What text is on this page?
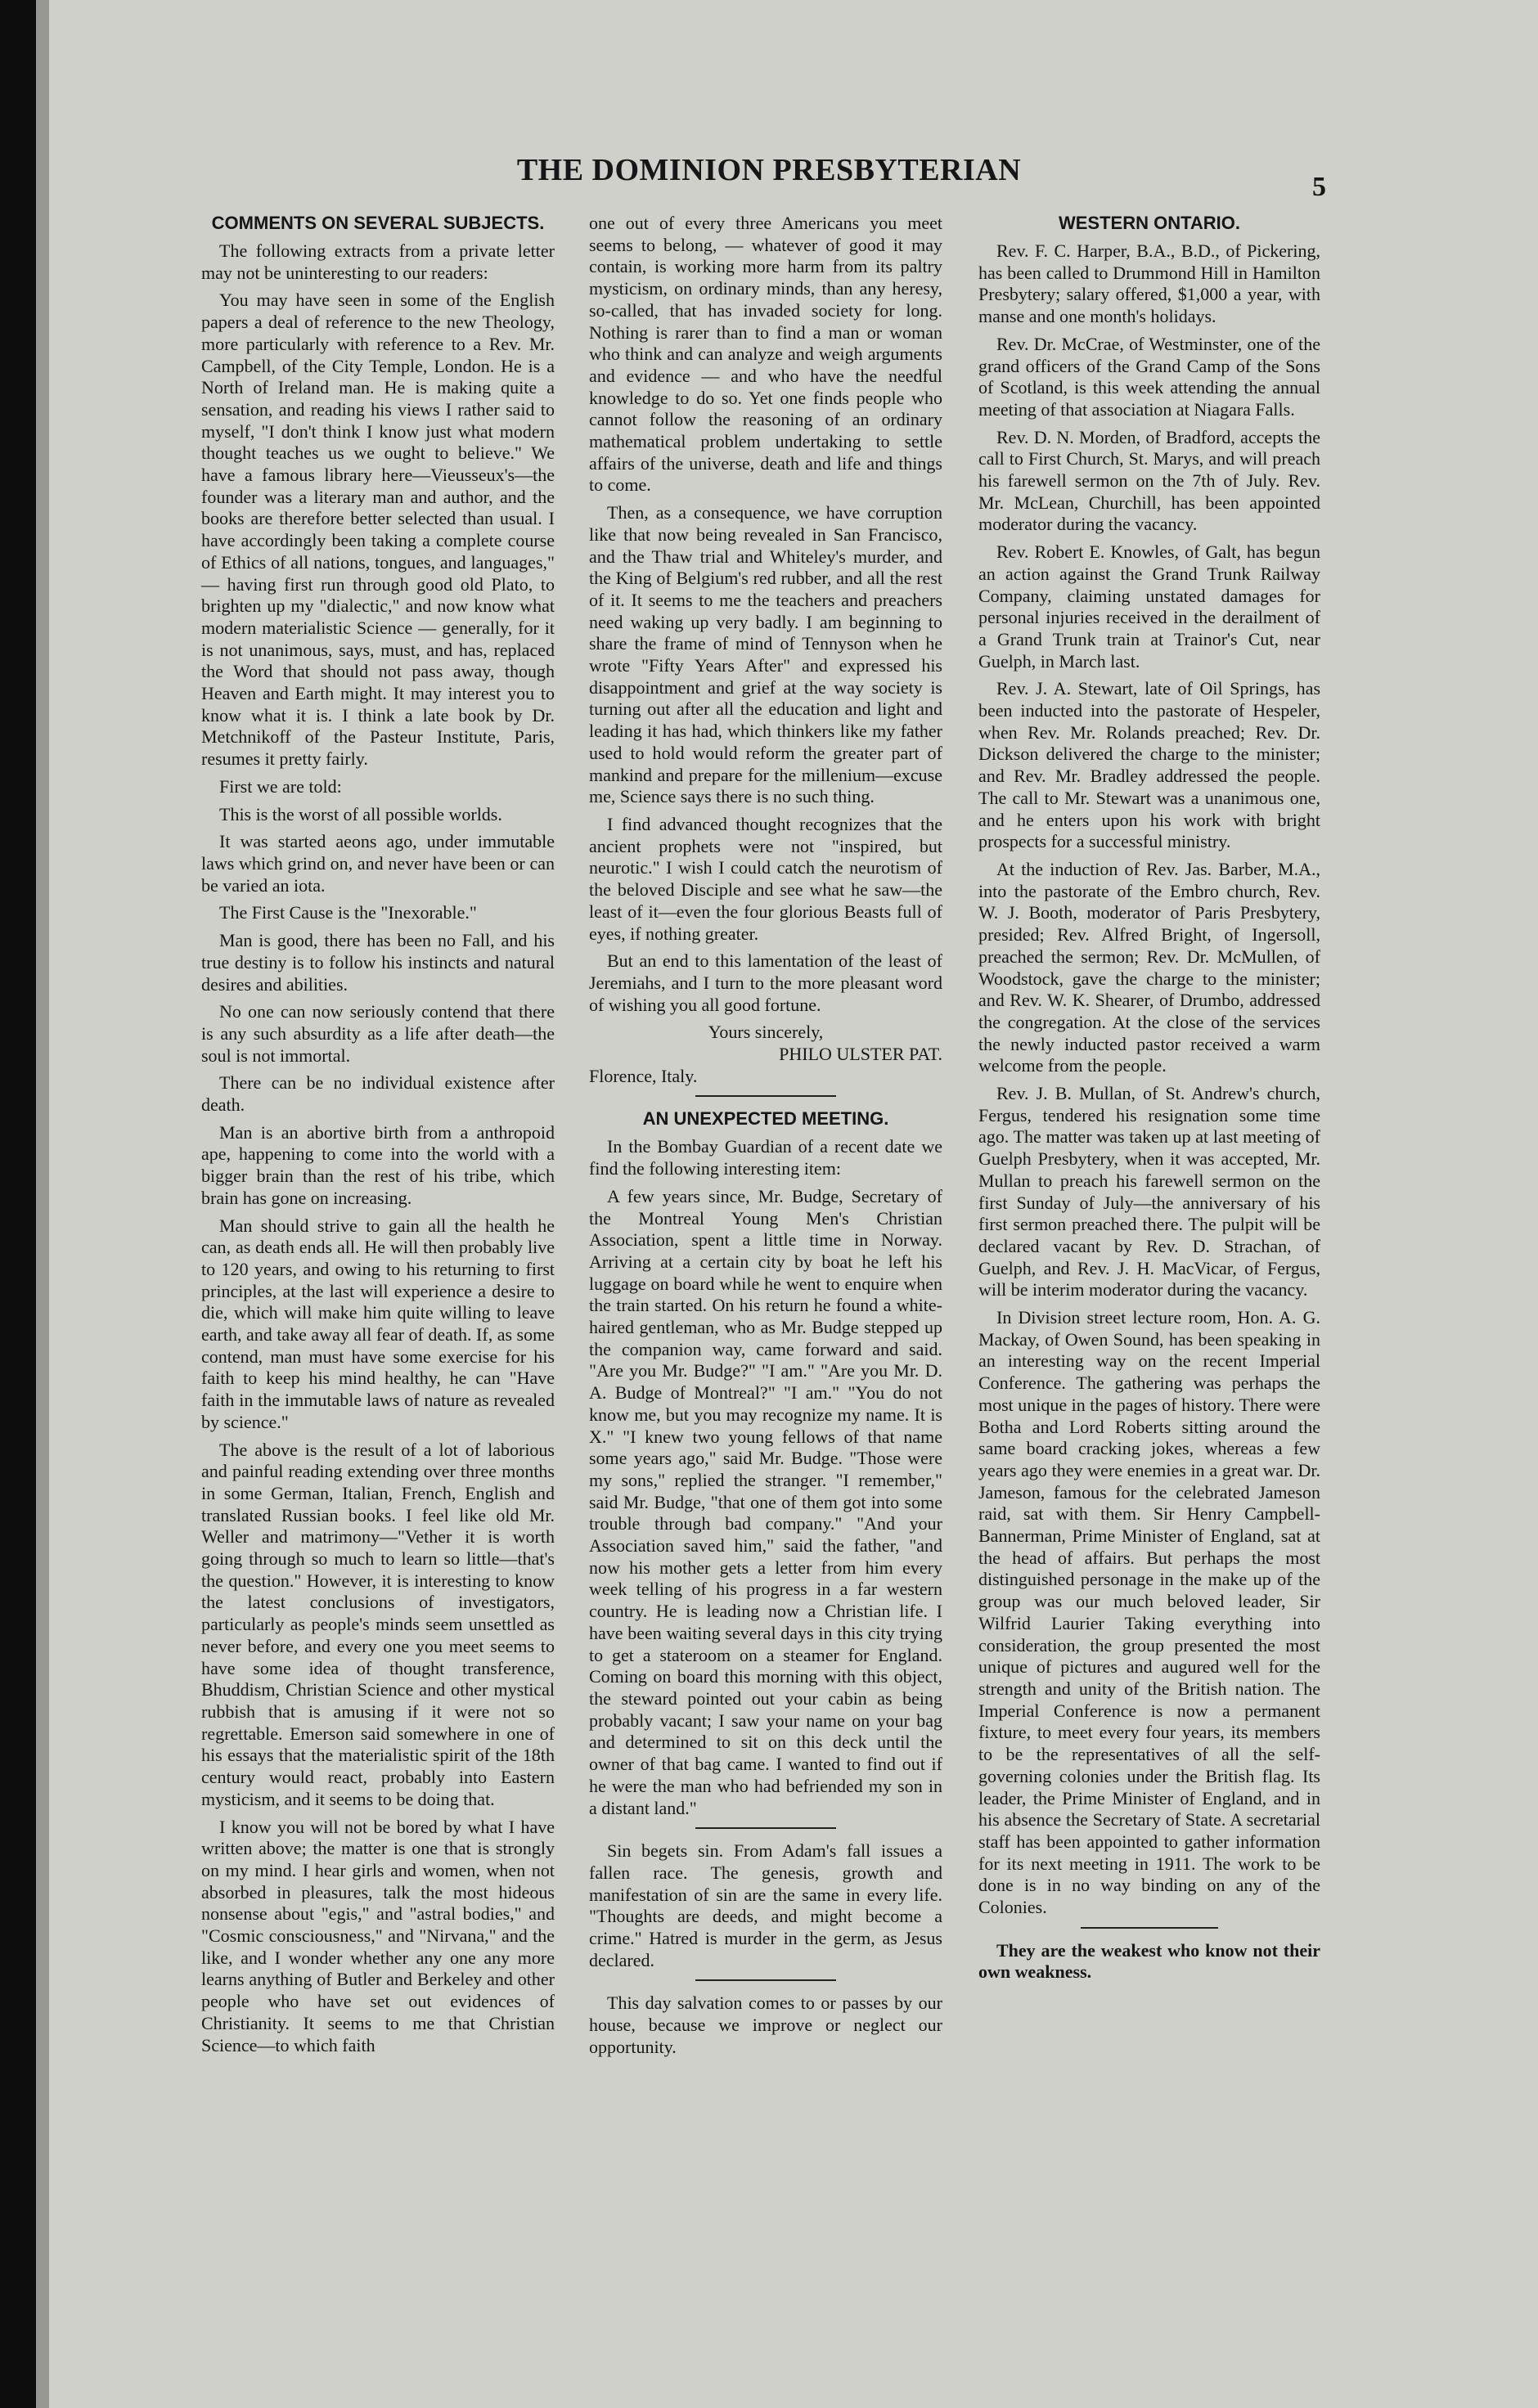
THE DOMINION PRESBYTERIAN	5
COMMENTS ON SEVERAL SUBJECTS.

The following extracts from a private letter may not be uninteresting to our readers:

You may have seen in some of the English papers a deal of reference to the new Theology, more particularly with reference to a Rev. Mr. Campbell, of the City Temple, London. He is a North of Ireland man. He is making quite a sensation, and reading his views I rather said to myself, "I don't think I know just what modern thought teaches us we ought to believe." We have a famous library here—Vieusseux's—the founder was a literary man and author, and the books are therefore better selected than usual. I have accordingly been taking a complete course of Ethics of all nations, tongues, and languages," — having first run through good old Plato, to brighten up my "dialectic," and now know what modern materialistic Science — generally, for it is not unanimous, says, must, and has, replaced the Word that should not pass away, though Heaven and Earth might. It may interest you to know what it is. I think a late book by Dr. Metchnikoff of the Pasteur Institute, Paris, resumes it pretty fairly.

First we are told:

This is the worst of all possible worlds.

It was started aeons ago, under immutable laws which grind on, and never have been or can be varied an iota.

The First Cause is the "Inexorable."

Man is good, there has been no Fall, and his true destiny is to follow his instincts and natural desires and abilities.

No one can now seriously contend that there is any such absurdity as a life after death—the soul is not immortal.

There can be no individual existence after death.

Man is an abortive birth from a anthropoid ape, happening to come into the world with a bigger brain than the rest of his tribe, which brain has gone on increasing.

Man should strive to gain all the health he can, as death ends all. He will then probably live to 120 years, and owing to his returning to first principles, at the last will experience a desire to die, which will make him quite willing to leave earth, and take away all fear of death. If, as some contend, man must have some exercise for his faith to keep his mind healthy, he can "Have faith in the immutable laws of nature as revealed by science."

The above is the result of a lot of laborious and painful reading extending over three months in some German, Italian, French, English and translated Russian books. I feel like old Mr. Weller and matrimony—"Vether it is worth going through so much to learn so little—that's the question." However, it is interesting to know the latest conclusions of investigators, particularly as people's minds seem unsettled as never before, and every one you meet seems to have some idea of thought transference, Bhuddism, Christian Science and other mystical rubbish that is amusing if it were not so regrettable. Emerson said somewhere in one of his essays that the materialistic spirit of the 18th century would react, probably into Eastern mysticism, and it seems to be doing that.

I know you will not be bored by what I have written above; the matter is one that is strongly on my mind. I hear girls and women, when not absorbed in pleasures, talk the most hideous nonsense about "egis," and "astral bodies," and "Cosmic consciousness," and "Nirvana," and the like, and I wonder whether any one any more learns anything of Butler and Berkeley and other people who have set out evidences of Christianity. It seems to me that Christian Science—to which faith

one out of every three Americans you meet seems to belong, — whatever of good it may contain, is working more harm from its paltry mysticism, on ordinary minds, than any heresy, so-called, that has invaded society for long. Nothing is rarer than to find a man or woman who think and can analyze and weigh arguments and evidence — and who have the needful knowledge to do so. Yet one finds people who cannot follow the reasoning of an ordinary mathematical problem undertaking to settle affairs of the universe, death and life and things to come.

Then, as a consequence, we have corruption like that now being revealed in San Francisco, and the Thaw trial and Whiteley's murder, and the King of Belgium's red rubber, and all the rest of it. It seems to me the teachers and preachers need waking up very badly. I am beginning to share the frame of mind of Tennyson when he wrote "Fifty Years After" and expressed his disappointment and grief at the way society is turning out after all the education and light and leading it has had, which thinkers like my father used to hold would reform the greater part of mankind and prepare for the millenium—excuse me, Science says there is no such thing.

I find advanced thought recognizes that the ancient prophets were not "inspired, but neurotic." I wish I could catch the neurotism of the beloved Disciple and see what he saw—the least of it—even the four glorious Beasts full of eyes, if nothing greater.

But an end to this lamentation of the least of Jeremiahs, and I turn to the more pleasant word of wishing you all good fortune.

Yours sincerely,

PHILO ULSTER PAT.

Florence, Italy.

AN UNEXPECTED MEETING.

In the Bombay Guardian of a recent date we find the following interesting item:

A few years since, Mr. Budge, Secretary of the Montreal Young Men's Christian Association, spent a little time in Norway. Arriving at a certain city by boat he left his luggage on board while he went to enquire when the train started. On his return he found a white-haired gentleman, who as Mr. Budge stepped up the companion way, came forward and said. "Are you Mr. Budge?" "I am." "Are you Mr. D. A. Budge of Montreal?" "I am." "You do not know me, but you may recognize my name. It is X." "I knew two young fellows of that name some years ago," said Mr. Budge. "Those were my sons," replied the stranger. "I remember," said Mr. Budge, "that one of them got into some trouble through bad company." "And your Association saved him," said the father, "and now his mother gets a letter from him every week telling of his progress in a far western country. He is leading now a Christian life. I have been waiting several days in this city trying to get a stateroom on a steamer for England. Coming on board this morning with this object, the steward pointed out your cabin as being probably vacant; I saw your name on your bag and determined to sit on this deck until the owner of that bag came. I wanted to find out if he were the man who had befriended my son in a distant land."

Sin begets sin. From Adam's fall issues a fallen race. The genesis, growth and manifestation of sin are the same in every life. "Thoughts are deeds, and might become a crime." Hatred is murder in the germ, as Jesus declared.

This day salvation comes to or passes by our house, because we improve or neglect our opportunity.

WESTERN ONTARIO.

Rev. F. C. Harper, B.A., B.D., of Pickering, has been called to Drummond Hill in Hamilton Presbytery; salary offered, $1,000 a year, with manse and one month's holidays.

Rev. Dr. McCrae, of Westminster, one of the grand officers of the Grand Camp of the Sons of Scotland, is this week attending the annual meeting of that association at Niagara Falls.

Rev. D. N. Morden, of Bradford, accepts the call to First Church, St. Marys, and will preach his farewell sermon on the 7th of July. Rev. Mr. McLean, Churchill, has been appointed moderator during the vacancy.

Rev. Robert E. Knowles, of Galt, has begun an action against the Grand Trunk Railway Company, claiming unstated damages for personal injuries received in the derailment of a Grand Trunk train at Trainor's Cut, near Guelph, in March last.

Rev. J. A. Stewart, late of Oil Springs, has been inducted into the pastorate of Hespeler, when Rev. Mr. Rolands preached; Rev. Dr. Dickson delivered the charge to the minister; and Rev. Mr. Bradley addressed the people. The call to Mr. Stewart was a unanimous one, and he enters upon his work with bright prospects for a successful ministry.

At the induction of Rev. Jas. Barber, M.A., into the pastorate of the Embro church, Rev. W. J. Booth, moderator of Paris Presbytery, presided; Rev. Alfred Bright, of Ingersoll, preached the sermon; Rev. Dr. McMullen, of Woodstock, gave the charge to the minister; and Rev. W. K. Shearer, of Drumbo, addressed the congregation. At the close of the services the newly inducted pastor received a warm welcome from the people.

Rev. J. B. Mullan, of St. Andrew's church, Fergus, tendered his resignation some time ago. The matter was taken up at last meeting of Guelph Presbytery, when it was accepted, Mr. Mullan to preach his farewell sermon on the first Sunday of July—the anniversary of his first sermon preached there. The pulpit will be declared vacant by Rev. D. Strachan, of Guelph, and Rev. J. H. MacVicar, of Fergus, will be interim moderator during the vacancy.

In Division street lecture room, Hon. A. G. Mackay, of Owen Sound, has been speaking in an interesting way on the recent Imperial Conference. The gathering was perhaps the most unique in the pages of history. There were Botha and Lord Roberts sitting around the same board cracking jokes, whereas a few years ago they were enemies in a great war. Dr. Jameson, famous for the celebrated Jameson raid, sat with them. Sir Henry Campbell-Bannerman, Prime Minister of England, sat at the head of affairs. But perhaps the most distinguished personage in the make up of the group was our much beloved leader, Sir Wilfrid Laurier Taking everything into consideration, the group presented the most unique of pictures and augured well for the strength and unity of the British nation. The Imperial Conference is now a permanent fixture, to meet every four years, its members to be the representatives of all the self-governing colonies under the British flag. Its leader, the Prime Minister of England, and in his absence the Secretary of State. A secretarial staff has been appointed to gather information for its next meeting in 1911. The work to be done is in no way binding on any of the Colonies.

They are the weakest who know not their own weakness.
